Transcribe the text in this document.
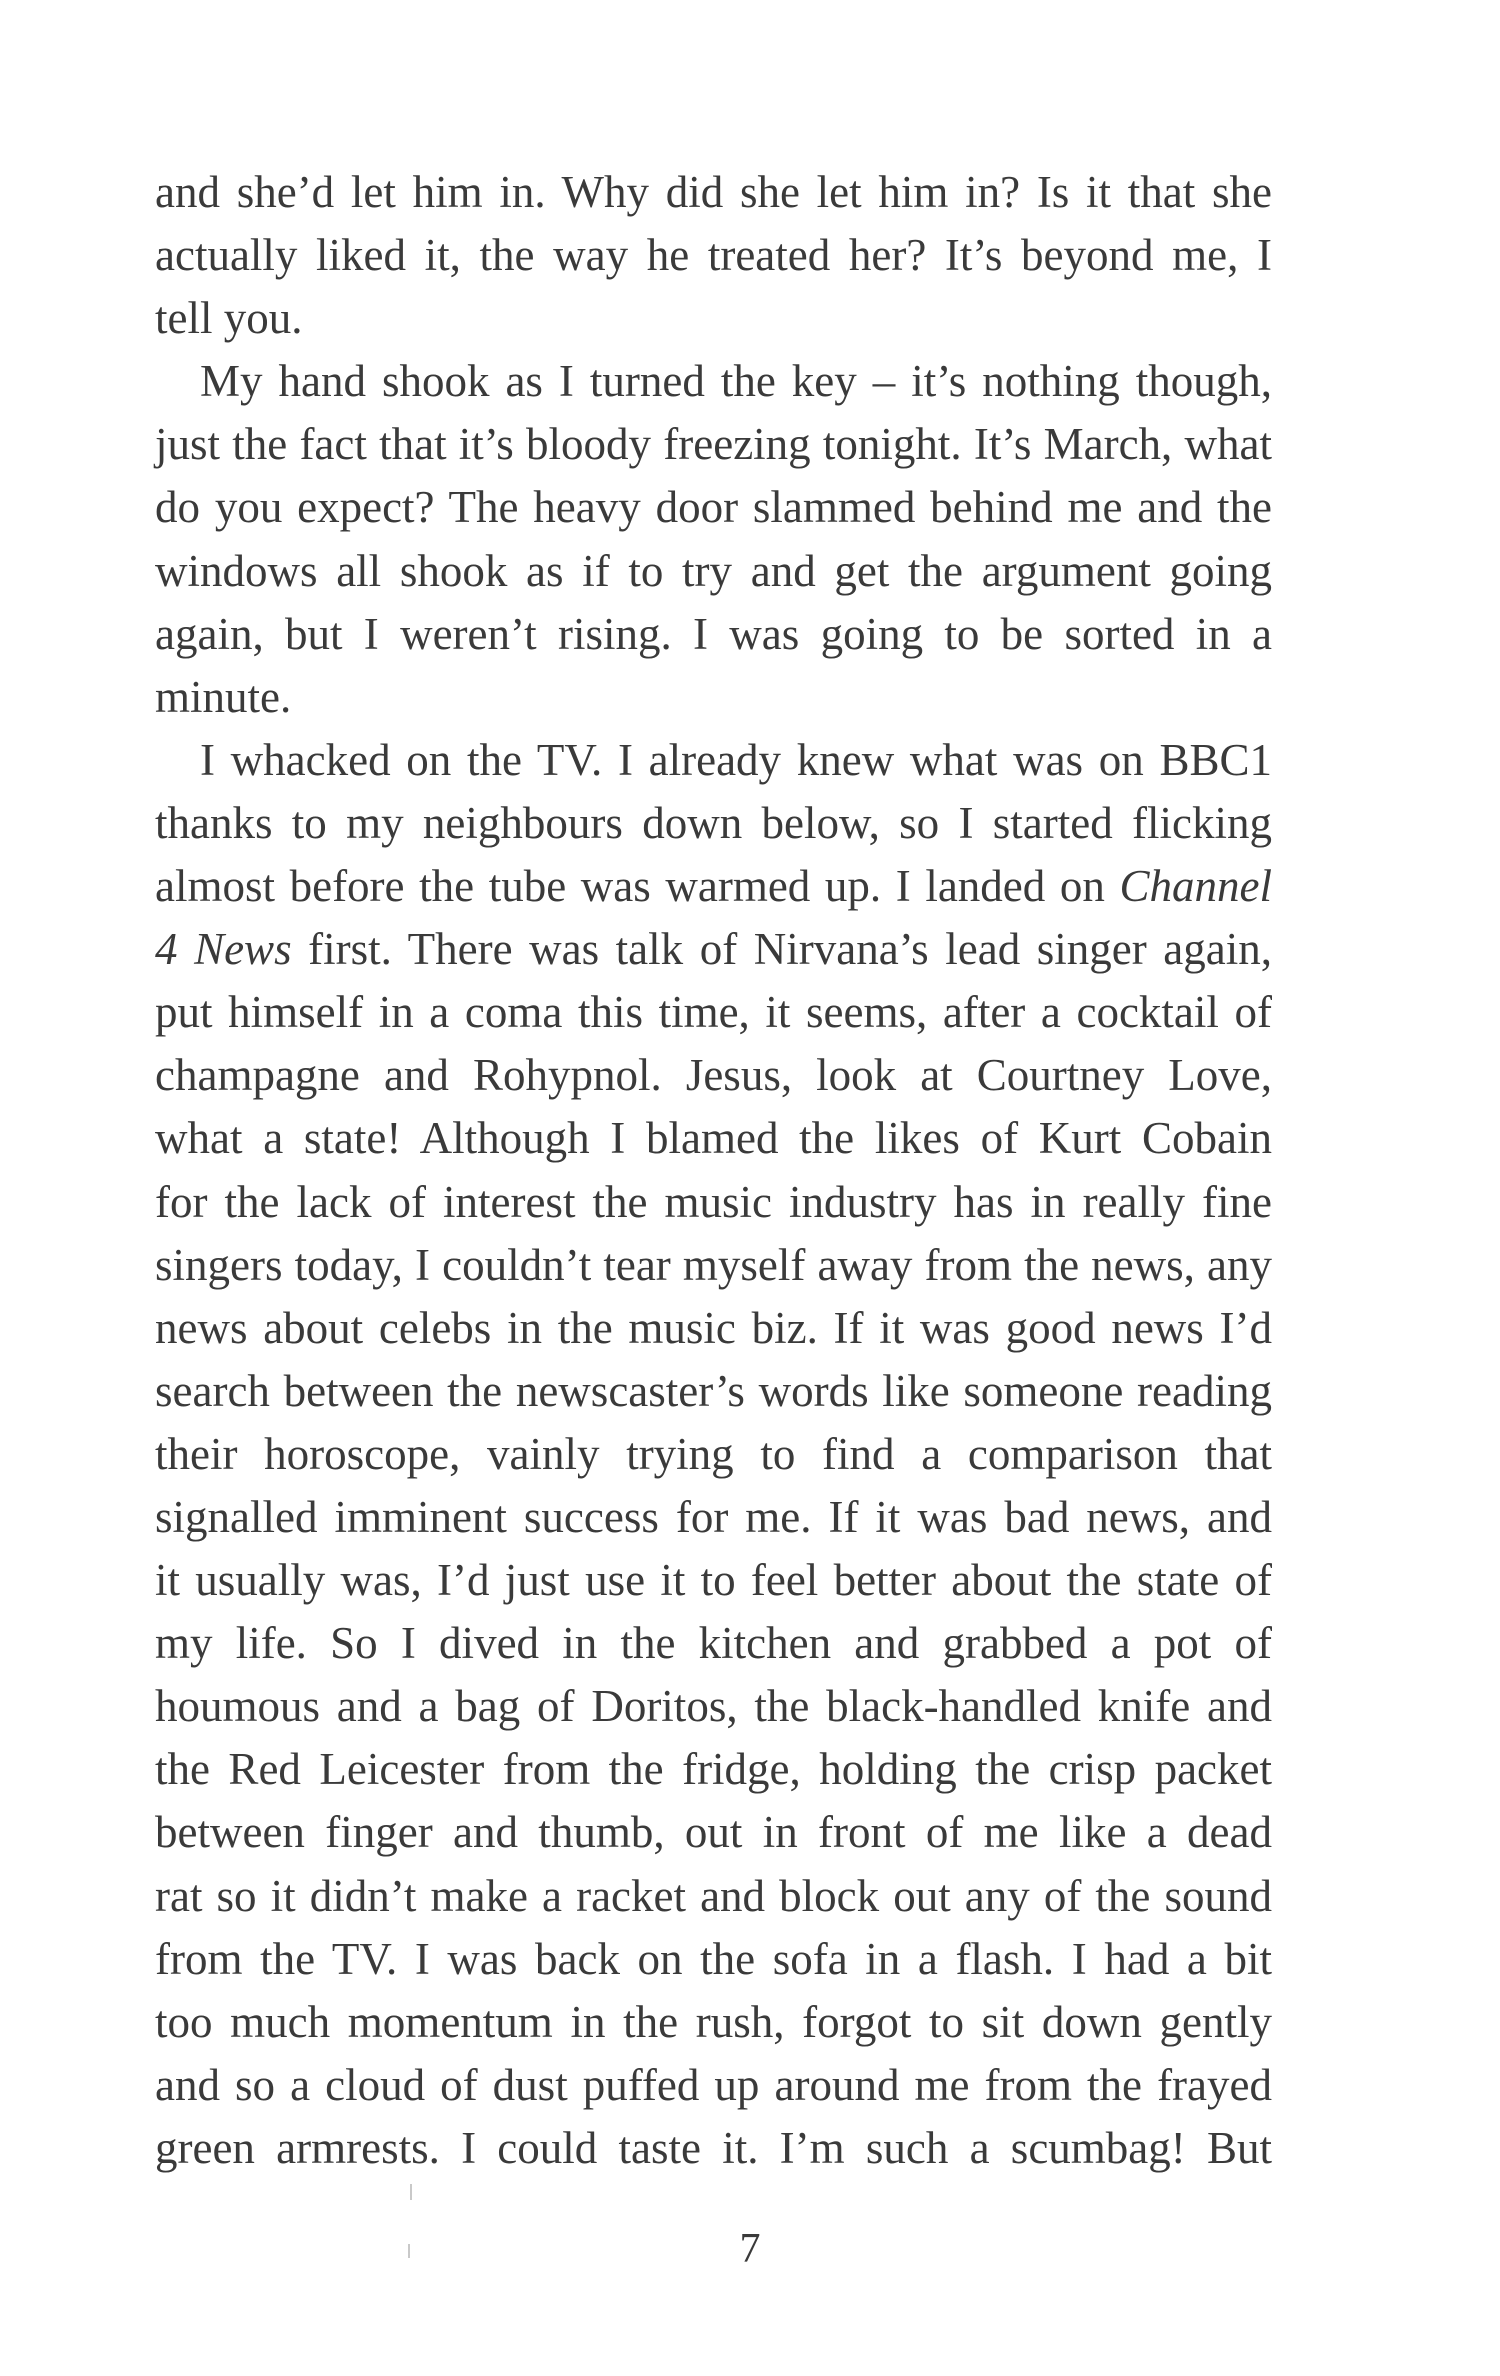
and she’d let him in. Why did she let him in? Is it that she
actually liked it, the way he treated her? It’s beyond me, I
tell you.
My hand shook as I turned the key – it’s nothing though,
just the fact that it’s bloody freezing tonight. It’s March, what
do you expect? The heavy door slammed behind me and the
windows all shook as if to try and get the argument going
again, but I weren’t rising. I was going to be sorted in a
minute.
I whacked on the TV. I already knew what was on BBC1
thanks to my neighbours down below, so I started flicking
almost before the tube was warmed up. I landed on Channel
4 News first. There was talk of Nirvana’s lead singer again,
put himself in a coma this time, it seems, after a cocktail of
champagne and Rohypnol. Jesus, look at Courtney Love,
what a state! Although I blamed the likes of Kurt Cobain
for the lack of interest the music industry has in really fine
singers today, I couldn’t tear myself away from the news, any
news about celebs in the music biz. If it was good news I’d
search between the newscaster’s words like someone reading
their horoscope, vainly trying to find a comparison that
signalled imminent success for me. If it was bad news, and
it usually was, I’d just use it to feel better about the state of
my life. So I dived in the kitchen and grabbed a pot of
houmous and a bag of Doritos, the black-handled knife and
the Red Leicester from the fridge, holding the crisp packet
between finger and thumb, out in front of me like a dead
rat so it didn’t make a racket and block out any of the sound
from the TV. I was back on the sofa in a flash. I had a bit
too much momentum in the rush, forgot to sit down gently
and so a cloud of dust puffed up around me from the frayed
green armrests. I could taste it. I’m such a scumbag! But
7
